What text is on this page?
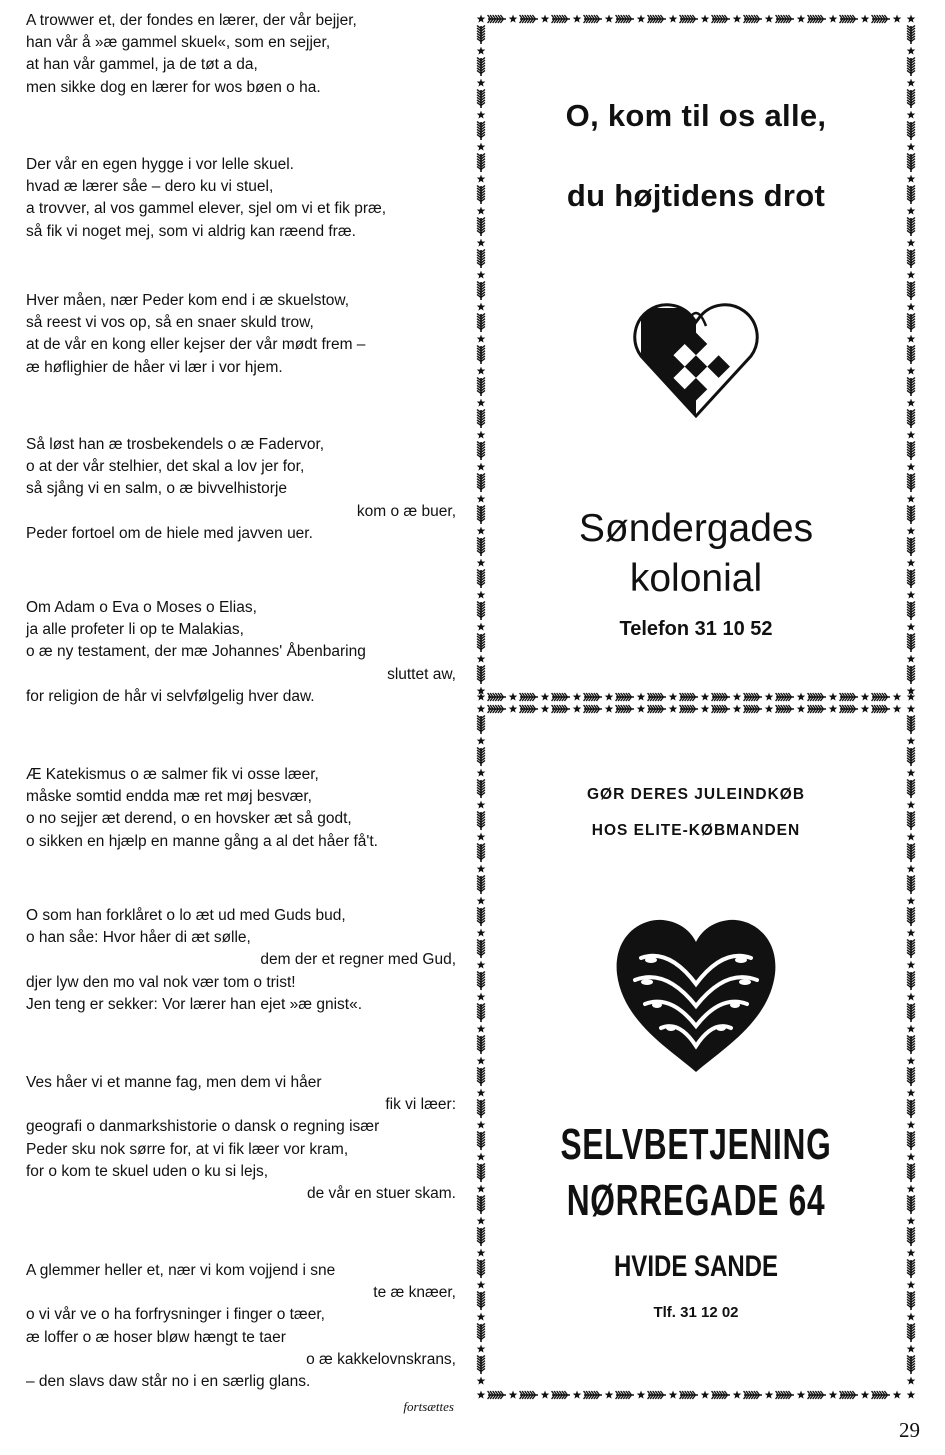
A trowwer et, der fondes en lærer, der vår bejjer,
han vår å »æ gammel skuel«, som en sejjer,
at han vår gammel, ja de tøt a da,
men sikke dog en lærer for wos bøen o ha.
Der vår en egen hygge i vor lelle skuel.
hvad æ lærer såe – dero ku vi stuel,
a trovver, al vos gammel elever, sjel om vi et fik præ,
så fik vi noget mej, som vi aldrig kan ræend fræ.
Hver måen, nær Peder kom end i æ skuelstow,
så reest vi vos op, så en snaer skuld trow,
at de vår en kong eller kejser der vår mødt frem –
æ høflighier de håer vi lær i vor hjem.
Så løst han æ trosbekendels o æ Fadervor,
o at der vår stelhier, det skal a lov jer for,
så sjång vi en salm, o æ bivvelhistorje
kom o æ buer,
Peder fortoel om de hiele med javven uer.
Om Adam o Eva o Moses o Elias,
ja alle profeter li op te Malakias,
o æ ny testament, der mæ Johannes' Åbenbaring
sluttet aw,
for religion de hår vi selvfølgelig hver daw.
Æ Katekismus o æ salmer fik vi osse læer,
måske somtid endda mæ ret møj besvær,
o no sejjer æt derend, o en hovsker æt så godt,
o sikken en hjælp en manne gång a al det håer få't.
O som han forklåret o lo æt ud med Guds bud,
o han såe: Hvor håer di æt sølle,
dem der et regner med Gud,
djer lyw den mo val nok vær tom o trist!
Jen teng er sekker: Vor lærer han ejet »æ gnist«.
Ves håer vi et manne fag, men dem vi håer
fik vi læer:
geografi o danmarkshistorie o dansk o regning især
Peder sku nok sørre for, at vi fik læer vor kram,
for o kom te skuel uden o ku si lejs,
de vår en stuer skam.
A glemmer heller et, nær vi kom vojjend i sne
te æ knæer,
o vi vår ve o ha forfrysninger i finger o tæer,
æ loffer o æ hoser bløw hængt te taer
o æ kakkelovnskrans,
– den slavs daw står no i en særlig glans.
fortsættes
O, kom til os alle,
du højtidens drot
Søndergades
kolonial
Telefon 31 10 52
GØR DERES JULEINDKØB
HOS ELITE-KØBMANDEN
SELVBETJENING
NØRREGADE 64
HVIDE SANDE
Tlf. 31 12 02
29
